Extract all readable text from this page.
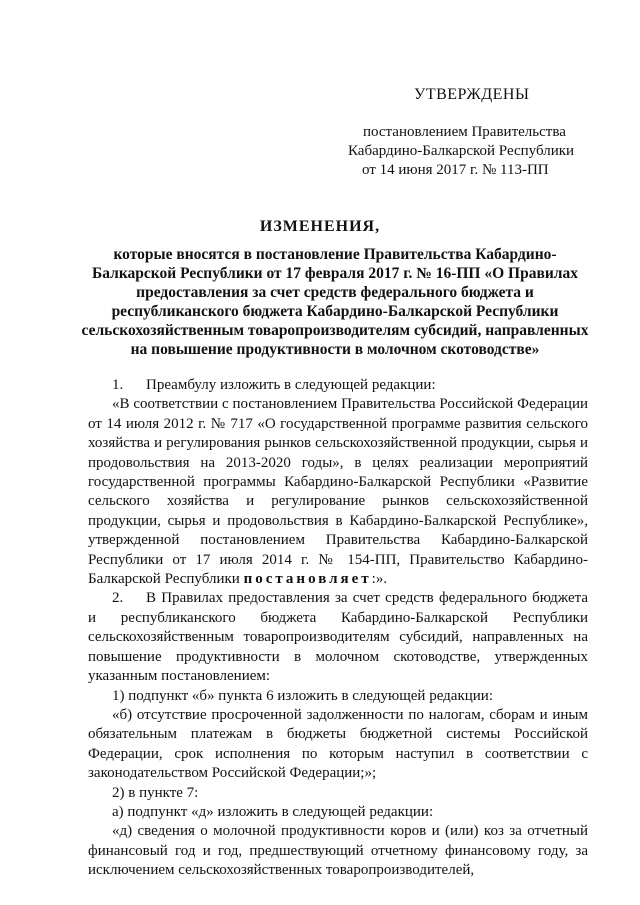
УТВЕРЖДЕНЫ
постановлением Правительства
Кабардино-Балкарской Республики
от 14 июня 2017 г. № 113-ПП
ИЗМЕНЕНИЯ,
которые вносятся в постановление Правительства Кабардино-Балкарской Республики от 17 февраля 2017 г. № 16-ПП «О Правилах предоставления за счет средств федерального бюджета и республиканского бюджета Кабардино-Балкарской Республики сельскохозяйственным товаропроизводителям субсидий, направленных на повышение продуктивности в молочном скотоводстве»

1. Преамбулу изложить в следующей редакции:

«В соответствии с постановлением Правительства Российской Федерации от 14 июля 2012 г. № 717 «О государственной программе развития сельского хозяйства и регулирования рынков сельскохозяйственной продукции, сырья и продовольствия на 2013-2020 годы», в целях реализации мероприятий государственной программы Кабардино-Балкарской Республики «Развитие сельского хозяйства и регулирование рынков сельскохозяйственной продукции, сырья и продовольствия в Кабардино-Балкарской Республике», утвержденной постановлением Правительства Кабардино-Балкарской Республики от 17 июля 2014 г. № 154-ПП, Правительство Кабардино-Балкарской Республики постановляет:».

2. В Правилах предоставления за счет средств федерального бюджета и республиканского бюджета Кабардино-Балкарской Республики сельскохозяйственным товаропроизводителям субсидий, направленных на повышение продуктивности в молочном скотоводстве, утвержденных указанным постановлением:

1) подпункт «б» пункта 6 изложить в следующей редакции:

«б) отсутствие просроченной задолженности по налогам, сборам и иным обязательным платежам в бюджеты бюджетной системы Российской Федерации, срок исполнения по которым наступил в соответствии с законодательством Российской Федерации;»;

2) в пункте 7:

а) подпункт «д» изложить в следующей редакции:

«д) сведения о молочной продуктивности коров и (или) коз за отчетный финансовый год и год, предшествующий отчетному финансовому году, за исключением сельскохозяйственных товаропроизводителей,
